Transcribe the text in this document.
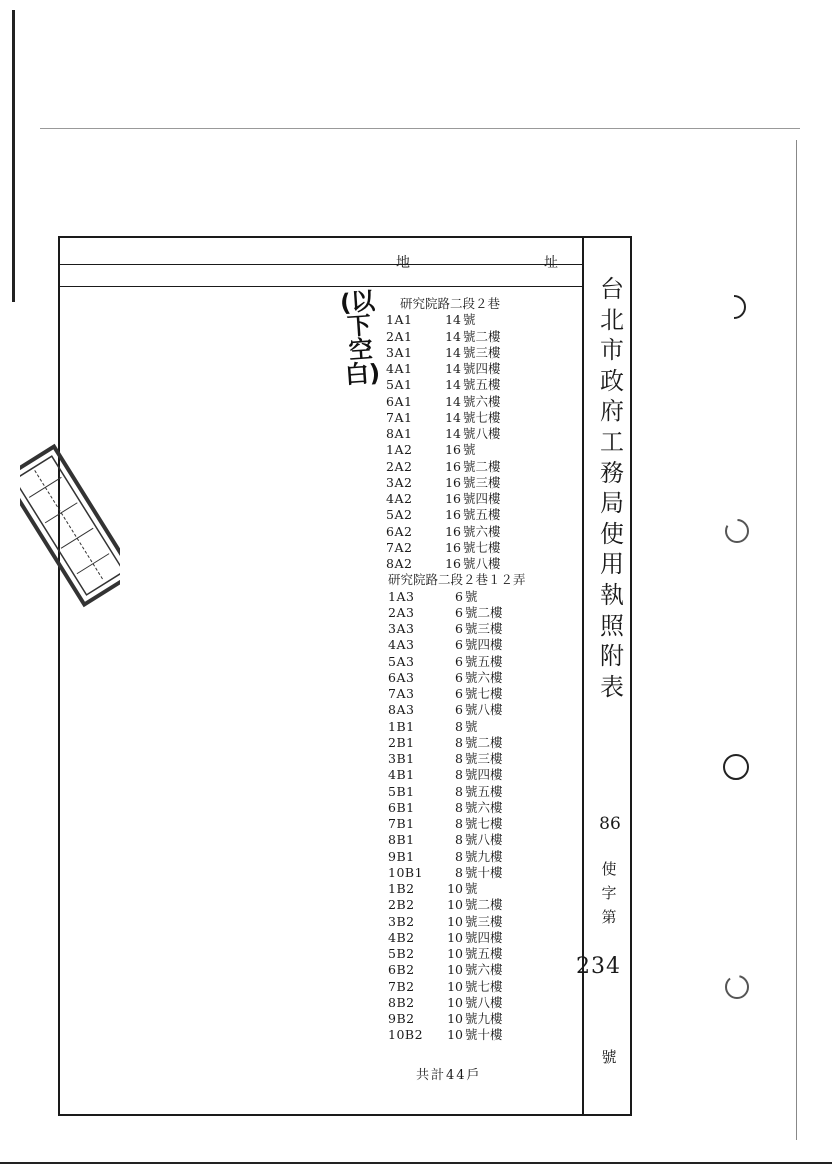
地	址
台北市政府工務局使用執照附表
86
使
字
第
234
號
(以下空白)
研究院路二段２巷
1A1	14 號
2A1	14 號二樓
3A1	14 號三樓
4A1	14 號四樓
5A1	14 號五樓
6A1	14 號六樓
7A1	14 號七樓
8A1	14 號八樓
1A2	16 號
2A2	16 號二樓
3A2	16 號三樓
4A2	16 號四樓
5A2	16 號五樓
6A2	16 號六樓
7A2	16 號七樓
8A2	16 號八樓
研究院路二段２巷１２弄
1A3	6 號
2A3	6 號二樓
3A3	6 號三樓
4A3	6 號四樓
5A3	6 號五樓
6A3	6 號六樓
7A3	6 號七樓
8A3	6 號八樓
1B1	8 號
2B1	8 號二樓
3B1	8 號三樓
4B1	8 號四樓
5B1	8 號五樓
6B1	8 號六樓
7B1	8 號七樓
8B1	8 號八樓
9B1	8 號九樓
10B1	8 號十樓
1B2	10 號
2B2	10 號二樓
3B2	10 號三樓
4B2	10 號四樓
5B2	10 號五樓
6B2	10 號六樓
7B2	10 號七樓
8B2	10 號八樓
9B2	10 號九樓
10B2 10 號十樓
共計44戶
